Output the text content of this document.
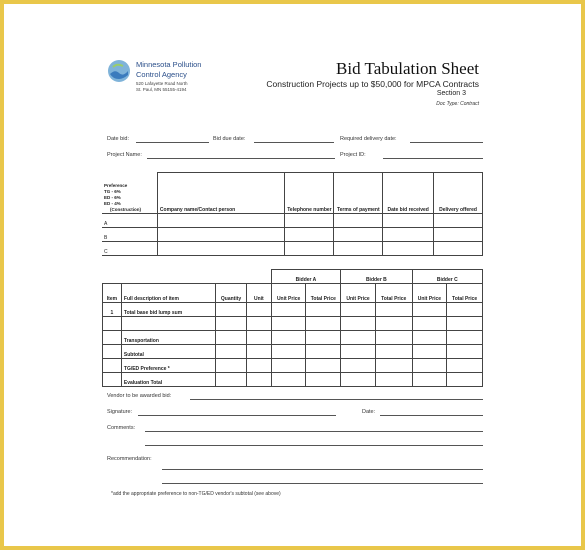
Minnesota Pollution
Control Agency
520 Lafayette Road North
St. Paul, MN 55155-4194
Bid Tabulation Sheet
Construction Projects up to $50,000 for MPCA Contracts
Section 3
Doc Type: Contract
Date bid:	Bid due date:	Required delivery date:
Project Name:	Project ID:
Preference
TG - 6%
ED - 6%
ED - 4%
(Construction)	Company name/Contact person	Telephone number	Terms of payment	Date bid received	Delivery offered
A					
B					
C					
				Bidder A		Bidder B		Bidder C	
Item	Full description of item	Quantity	Unit	Unit Price	Total Price	Unit Price	Total Price	Unit Price	Total Price
1	Total base bid lump sum								

	Transportation								
	Subtotal								
	TG/ED Preference *								
	Evaluation Total								
Vendor to be awarded bid:
Signature:	Date:
Comments:
Recommendation:
*add the appropriate preference to non-TG/ED vendor's subtotal (see above)
